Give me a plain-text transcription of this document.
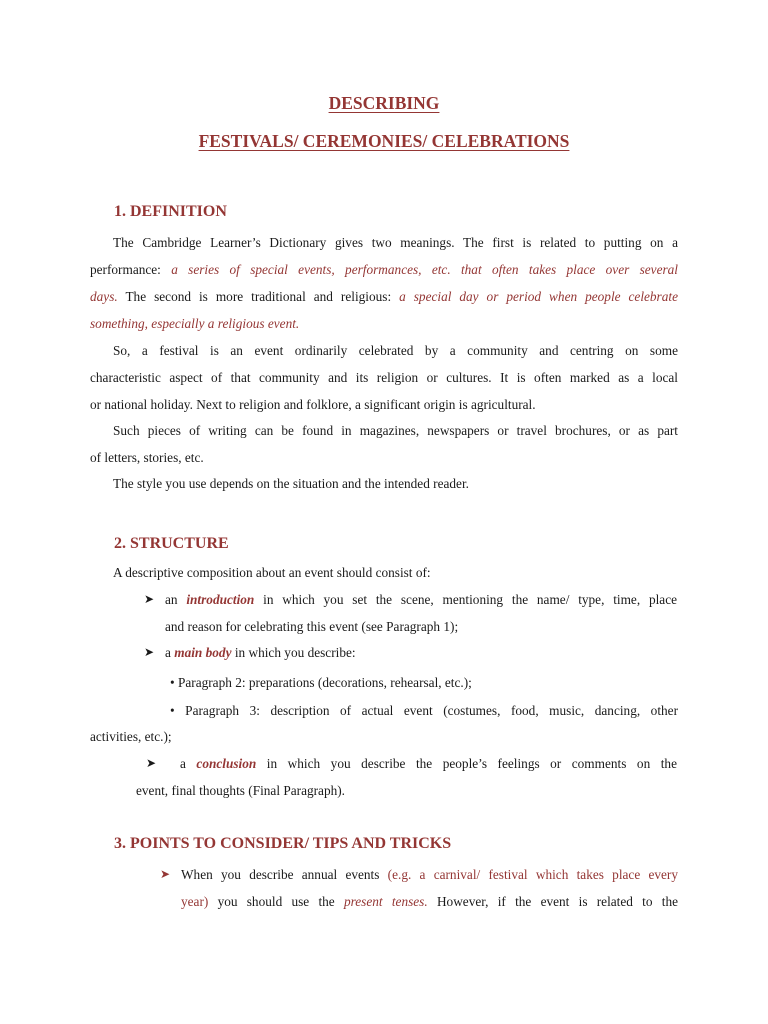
DESCRIBING
FESTIVALS/ CEREMONIES/ CELEBRATIONS
1. DEFINITION
The Cambridge Learner’s Dictionary gives two meanings. The first is related to putting on a
performance: a series of special events, performances, etc. that often takes place over several
days. The second is more traditional and religious: a special day or period when people celebrate
something, especially a religious event.
So, a festival is an event ordinarily celebrated by a community and centring on some
characteristic aspect of that community and its religion or cultures. It is often marked as a local
or national holiday. Next to religion and folklore, a significant origin is agricultural.
Such pieces of writing can be found in magazines, newspapers or travel brochures, or as part
of letters, stories, etc.
The style you use depends on the situation and the intended reader.
2. STRUCTURE
A descriptive composition about an event should consist of:
➤ an introduction in which you set the scene, mentioning the name/ type, time, place
and reason for celebrating this event (see Paragraph 1);
➤ a main body in which you describe:
• Paragraph 2: preparations (decorations, rehearsal, etc.);
• Paragraph 3: description of actual event (costumes, food, music, dancing, other
activities, etc.);
➤ a conclusion in which you describe the people’s feelings or comments on the
event, final thoughts (Final Paragraph).
3. POINTS TO CONSIDER/ TIPS AND TRICKS
➤ When you describe annual events (e.g. a carnival/ festival which takes place every
year) you should use the present tenses. However, if the event is related to the
